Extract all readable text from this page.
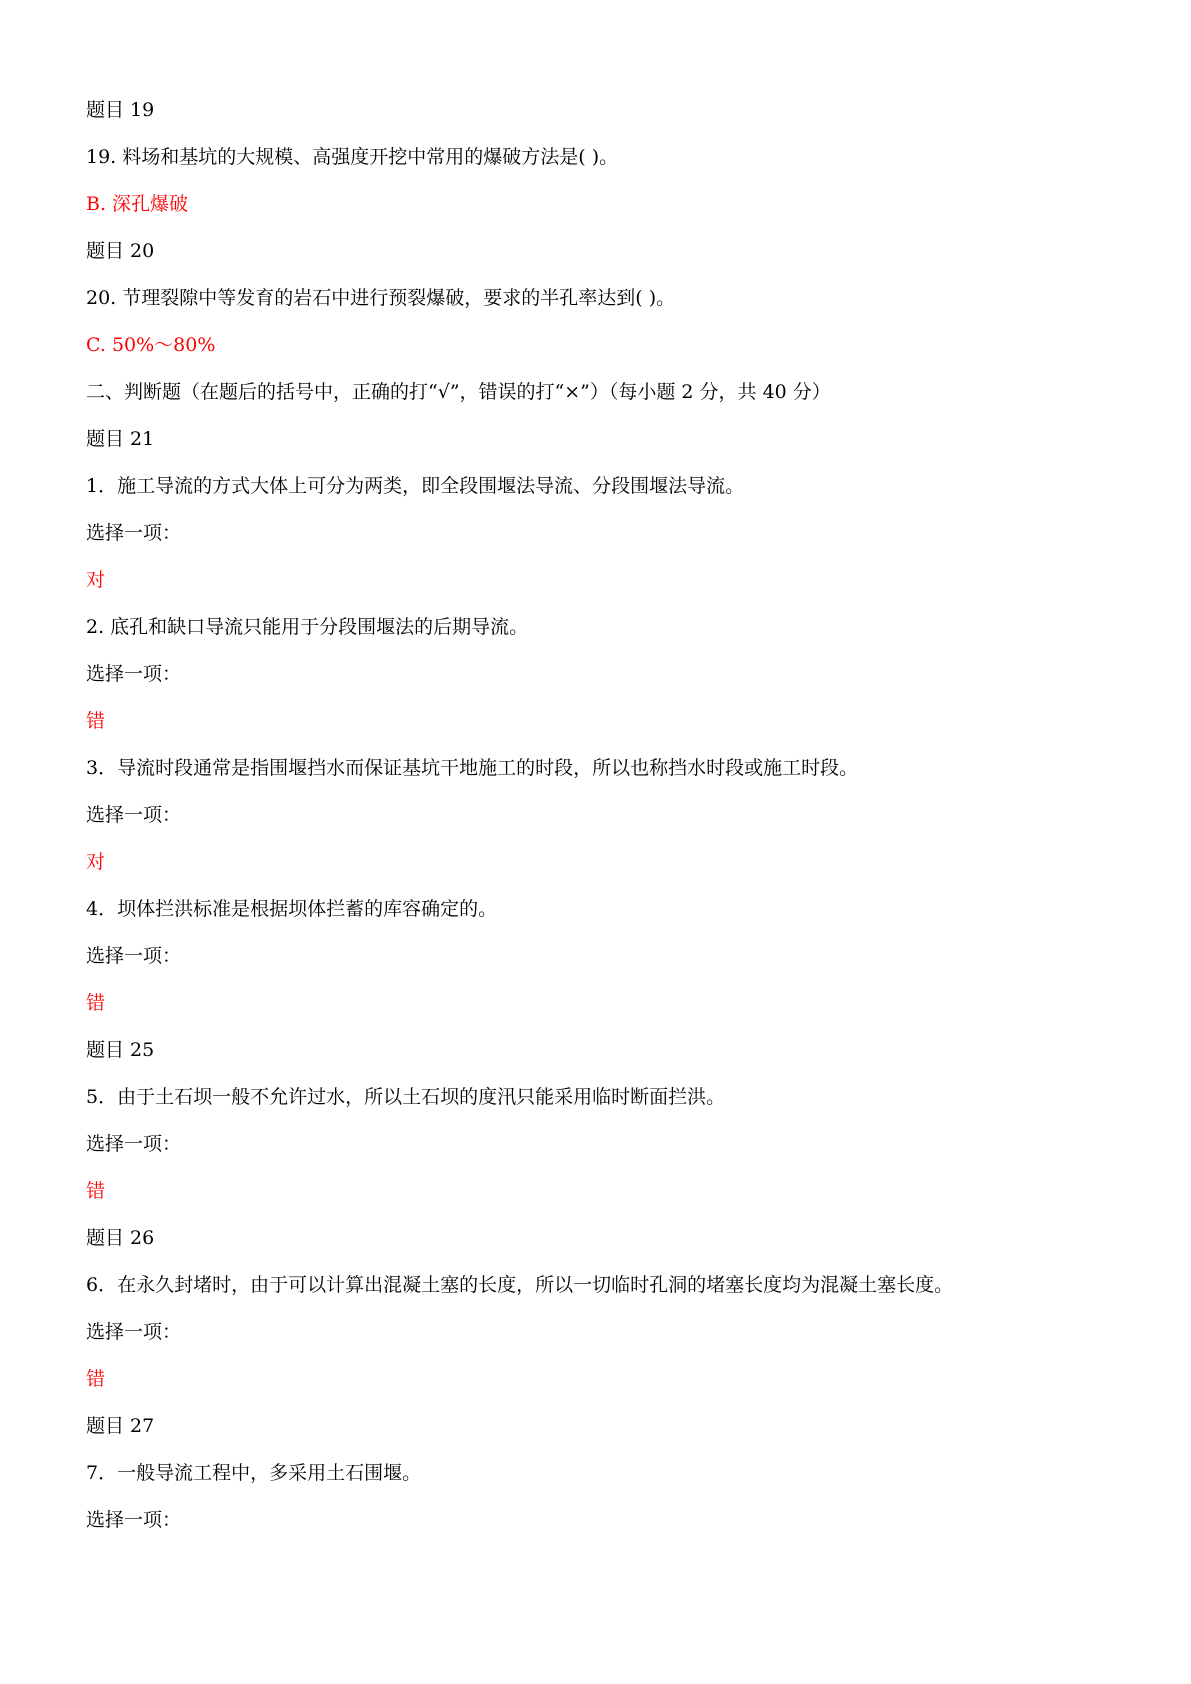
题目 19
19. 料场和基坑的大规模、高强度开挖中常用的爆破方法是( )。
B. 深孔爆破
题目 20
20. 节理裂隙中等发育的岩石中进行预裂爆破，要求的半孔率达到( )。
C. 50%～80%
二、判断题（在题后的括号中，正确的打“√”，错误的打“×”）（每小题 2 分，共 40 分）
题目 21
1．施工导流的方式大体上可分为两类，即全段围堰法导流、分段围堰法导流。
选择一项：
对
2. 底孔和缺口导流只能用于分段围堰法的后期导流。
选择一项：
错
3．导流时段通常是指围堰挡水而保证基坑干地施工的时段，所以也称挡水时段或施工时段。
选择一项：
对
4．坝体拦洪标准是根据坝体拦蓄的库容确定的。
选择一项：
错
题目 25
5．由于土石坝一般不允许过水，所以土石坝的度汛只能采用临时断面拦洪。
选择一项：
错
题目 26
6．在永久封堵时，由于可以计算出混凝土塞的长度，所以一切临时孔洞的堵塞长度均为混凝土塞长度。
选择一项：
错
题目 27
7．一般导流工程中，多采用土石围堰。
选择一项：
